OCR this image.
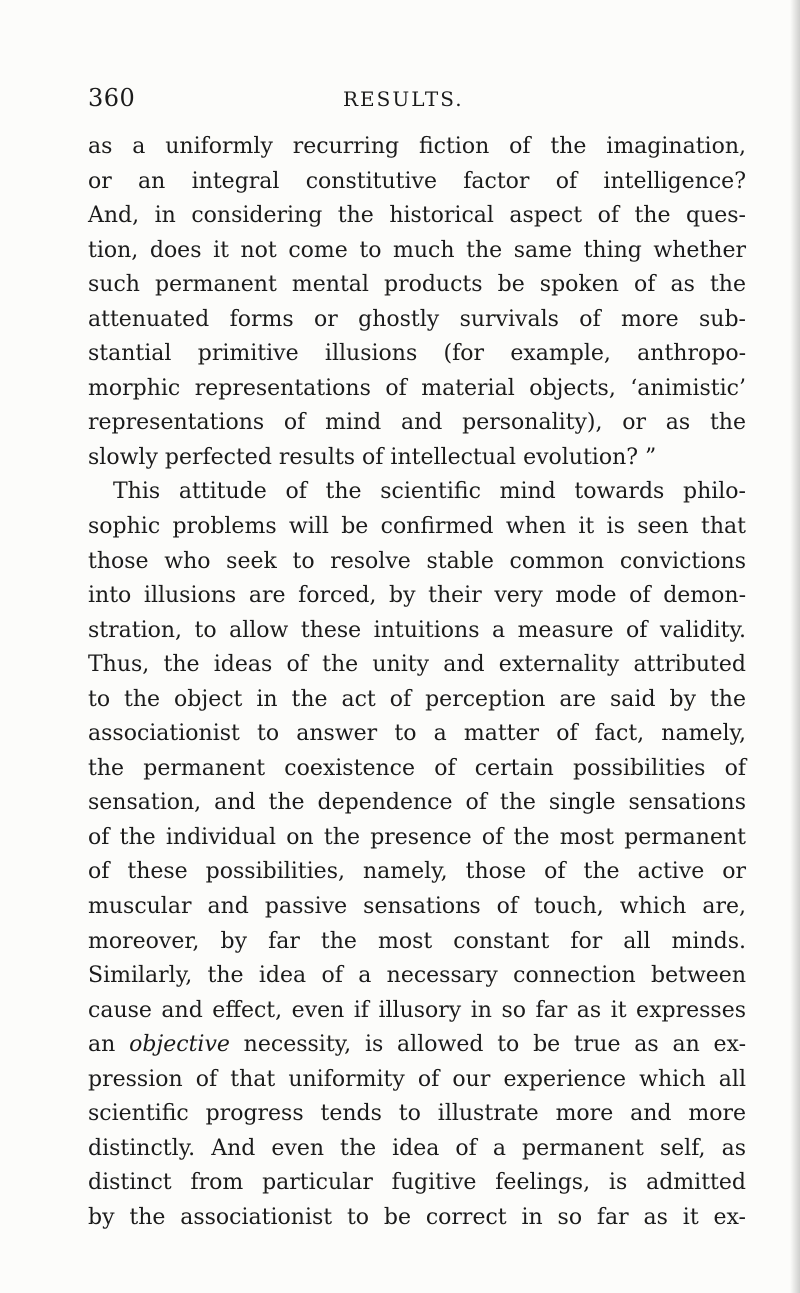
360	RESULTS.
as a uniformly recurring fiction of the imagination,
or an integral constitutive factor of intelligence?
And, in considering the historical aspect of the ques-
tion, does it not come to much the same thing whether
such permanent mental products be spoken of as the
attenuated forms or ghostly survivals of more sub-
stantial primitive illusions (for example, anthropo-
morphic representations of material objects, ‘animistic’
representations of mind and personality), or as the
slowly perfected results of intellectual evolution? ”
This attitude of the scientific mind towards philo-
sophic problems will be confirmed when it is seen that
those who seek to resolve stable common convictions
into illusions are forced, by their very mode of demon-
stration, to allow these intuitions a measure of validity.
Thus, the ideas of the unity and externality attributed
to the object in the act of perception are said by the
associationist to answer to a matter of fact, namely,
the permanent coexistence of certain possibilities of
sensation, and the dependence of the single sensations
of the individual on the presence of the most permanent
of these possibilities, namely, those of the active or
muscular and passive sensations of touch, which are,
moreover, by far the most constant for all minds.
Similarly, the idea of a necessary connection between
cause and effect, even if illusory in so far as it expresses
an objective necessity, is allowed to be true as an ex-
pression of that uniformity of our experience which all
scientific progress tends to illustrate more and more
distinctly. And even the idea of a permanent self, as
distinct from particular fugitive feelings, is admitted
by the associationist to be correct in so far as it ex-
